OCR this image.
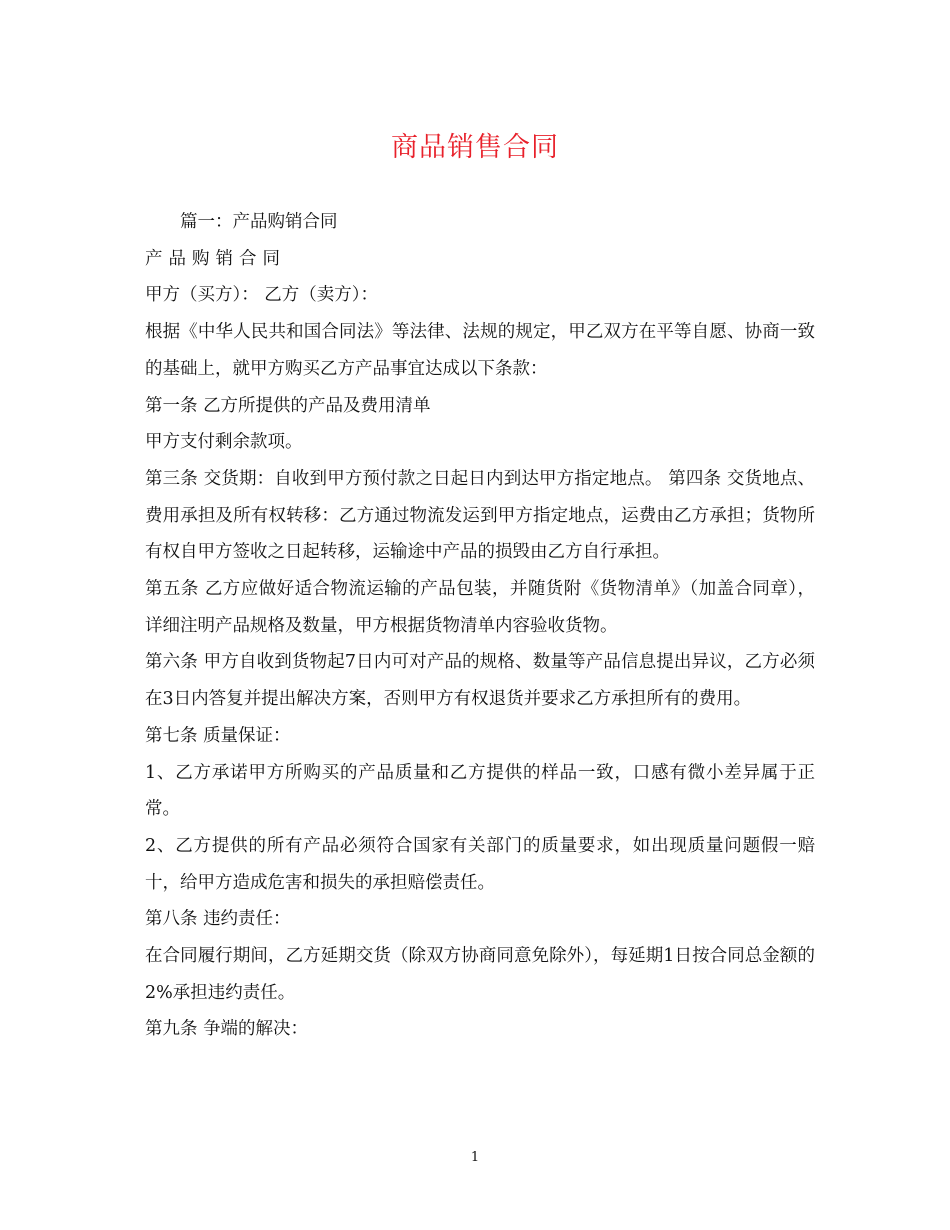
商品销售合同

篇一：产品购销合同

产品购销合同

甲方（买方）： 乙方（卖方）：

根据《中华人民共和国合同法》等法律、法规的规定，甲乙双方在平等自愿、协商一致的基础上，就甲方购买乙方产品事宜达成以下条款：

第一条 乙方所提供的产品及费用清单

甲方支付剩余款项。

第三条 交货期：自收到甲方预付款之日起日内到达甲方指定地点。 第四条 交货地点、费用承担及所有权转移：乙方通过物流发运到甲方指定地点，运费由乙方承担；货物所有权自甲方签收之日起转移，运输途中产品的损毁由乙方自行承担。

第五条 乙方应做好适合物流运输的产品包装，并随货附《货物清单》（加盖合同章），详细注明产品规格及数量，甲方根据货物清单内容验收货物。

第六条 甲方自收到货物起7日内可对产品的规格、数量等产品信息提出异议，乙方必须在3日内答复并提出解决方案，否则甲方有权退货并要求乙方承担所有的费用。

第七条 质量保证：

1、乙方承诺甲方所购买的产品质量和乙方提供的样品一致，口感有微小差异属于正常。

2、乙方提供的所有产品必须符合国家有关部门的质量要求，如出现质量问题假一赔十，给甲方造成危害和损失的承担赔偿责任。

第八条 违约责任：

在合同履行期间，乙方延期交货（除双方协商同意免除外），每延期1日按合同总金额的2%承担违约责任。

第九条 争端的解决：

1
